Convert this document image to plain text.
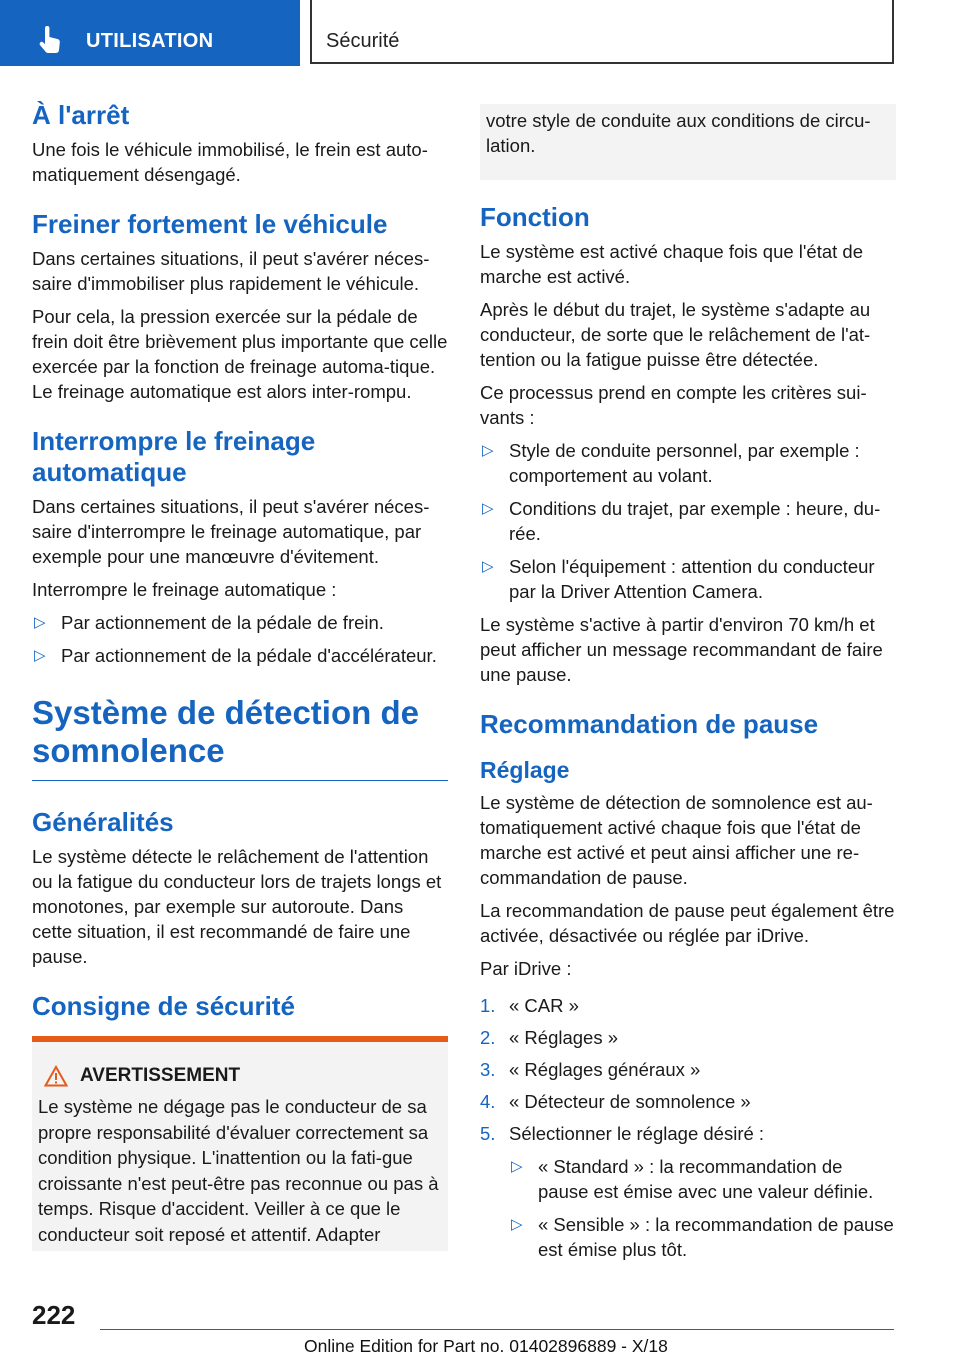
UTILISATION	Sécurité
À l'arrêt

Une fois le véhicule immobilisé, le frein est auto-matiquement désengagé.

Freiner fortement le véhicule

Dans certaines situations, il peut s'avérer néces-saire d'immobiliser plus rapidement le véhicule.

Pour cela, la pression exercée sur la pédale de frein doit être brièvement plus importante que celle exercée par la fonction de freinage automa-tique. Le freinage automatique est alors inter-rompu.

Interrompre le freinage automatique

Dans certaines situations, il peut s'avérer néces-saire d'interrompre le freinage automatique, par exemple pour une manœuvre d'évitement.

Interrompre le freinage automatique :

▷ Par actionnement de la pédale de frein.
▷ Par actionnement de la pédale d'accélérateur.
Système de détection de somnolence
Généralités

Le système détecte le relâchement de l'attention ou la fatigue du conducteur lors de trajets longs et monotones, par exemple sur autoroute. Dans cette situation, il est recommandé de faire une pause.

Consigne de sécurité
AVERTISSEMENT

Le système ne dégage pas le conducteur de sa propre responsabilité d'évaluer correctement sa condition physique. L'inattention ou la fati-gue croissante n'est peut-être pas reconnue ou pas à temps. Risque d'accident. Veiller à ce que le conducteur soit reposé et attentif. Adapter

votre style de conduite aux conditions de circu-lation.

Fonction

Le système est activé chaque fois que l'état de marche est activé.

Après le début du trajet, le système s'adapte au conducteur, de sorte que le relâchement de l'at-tention ou la fatigue puisse être détectée.

Ce processus prend en compte les critères sui-vants :

▷ Style de conduite personnel, par exemple : comportement au volant.
▷ Conditions du trajet, par exemple : heure, du-rée.
▷ Selon l'équipement : attention du conducteur par la Driver Attention Camera.

Le système s'active à partir d'environ 70 km/h et peut afficher un message recommandant de faire une pause.

Recommandation de pause
Réglage

Le système de détection de somnolence est au-tomatiquement activé chaque fois que l'état de marche est activé et peut ainsi afficher une re-commandation de pause.

La recommandation de pause peut également être activée, désactivée ou réglée par iDrive.

Par iDrive :

1. « CAR »
2. « Réglages »
3. « Réglages généraux »
4. « Détecteur de somnolence »
5. Sélectionner le réglage désiré :
▷ « Standard » : la recommandation de pause est émise avec une valeur définie.
▷ « Sensible » : la recommandation de pause est émise plus tôt.
222
Online Edition for Part no. 01402896889 - X/18
